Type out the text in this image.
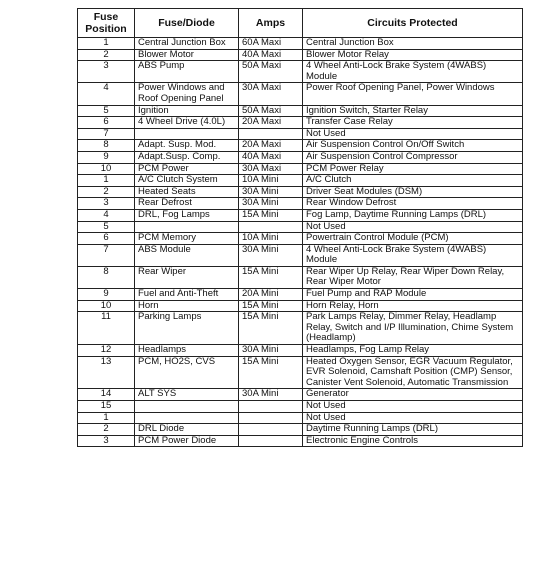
Fuse Position	Fuse/Diode	Amps	Circuits Protected
1	Central Junction Box	60A Maxi	Central Junction Box
2	Blower Motor	40A Maxi	Blower Motor Relay
3	ABS Pump	50A Maxi	4 Wheel Anti-Lock Brake System (4WABS) Module
4	Power Windows and Roof Opening Panel	30A Maxi	Power Roof Opening Panel, Power Windows
5	Ignition	50A Maxi	Ignition Switch, Starter Relay
6	4 Wheel Drive (4.0L)	20A Maxi	Transfer Case Relay
7			Not Used
8	Adapt. Susp. Mod.	20A Maxi	Air Suspension Control On/Off Switch
9	Adapt.Susp. Comp.	40A Maxi	Air Suspension Control Compressor
10	PCM Power	30A Maxi	PCM Power Relay
1	A/C Clutch System	10A Mini	A/C Clutch
2	Heated Seats	30A Mini	Driver Seat Modules (DSM)
3	Rear Defrost	30A Mini	Rear Window Defrost
4	DRL, Fog Lamps	15A Mini	Fog Lamp, Daytime Running Lamps (DRL)
5			Not Used
6	PCM Memory	10A Mini	Powertrain Control Module (PCM)
7	ABS Module	30A Mini	4 Wheel Anti-Lock Brake System (4WABS) Module
8	Rear Wiper	15A Mini	Rear Wiper Up Relay, Rear Wiper Down Relay, Rear Wiper Motor
9	Fuel and Anti-Theft	20A Mini	Fuel Pump and RAP Module
10	Horn	15A Mini	Horn Relay, Horn
11	Parking Lamps	15A Mini	Park Lamps Relay, Dimmer Relay, Headlamp Relay, Switch and I/P Illumination, Chime System (Headlamp)
12	Headlamps	30A Mini	Headlamps, Fog Lamp Relay
13	PCM, HO2S, CVS	15A Mini	Heated Oxygen Sensor, EGR Vacuum Regulator, EVR Solenoid, Camshaft Position (CMP) Sensor, Canister Vent Solenoid, Automatic Transmission
14	ALT SYS	30A Mini	Generator
15			Not Used
1			Not Used
2	DRL Diode		Daytime Running Lamps (DRL)
3	PCM Power Diode		Electronic Engine Controls
